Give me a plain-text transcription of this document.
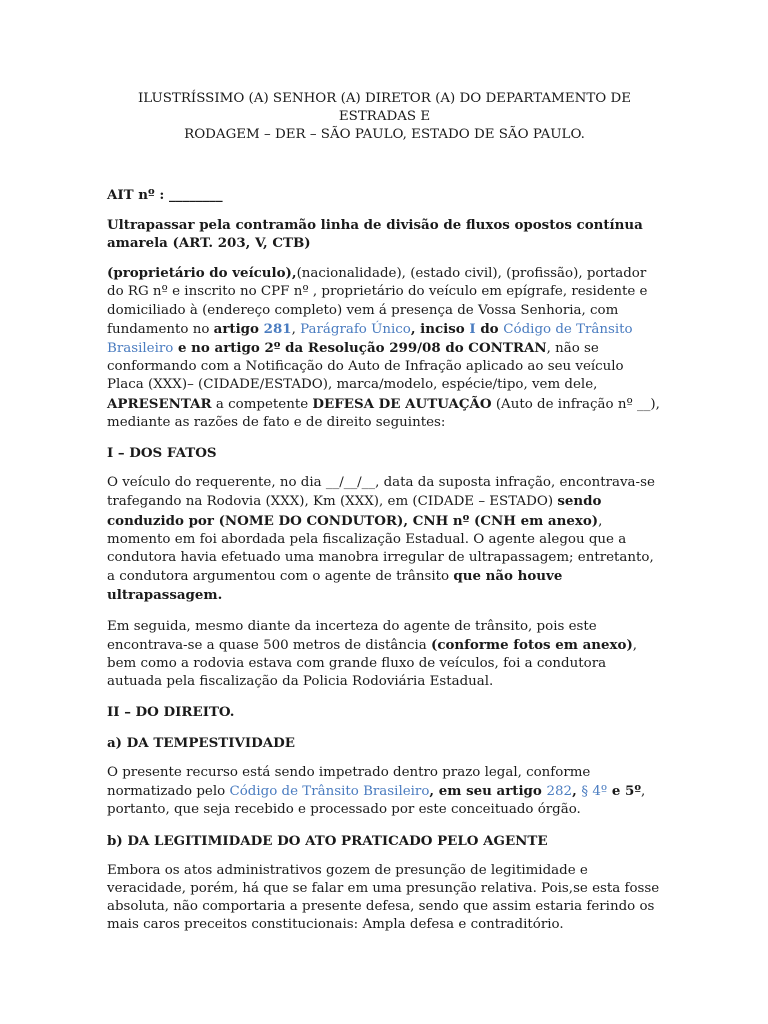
ILUSTRÍSSIMO (A) SENHOR (A) DIRETOR (A) DO DEPARTAMENTO DE ESTRADAS E
RODAGEM – DER – SÃO PAULO, ESTADO DE SÃO PAULO.

AIT nº : ________

Ultrapassar pela contramão linha de divisão de fluxos opostos contínua amarela (ART. 203, V, CTB)

(proprietário do veículo),(nacionalidade), (estado civil), (profissão), portador do RG nº e inscrito no CPF nº , proprietário do veículo em epígrafe, residente e domiciliado à (endereço completo) vem á presença de Vossa Senhoria, com fundamento no artigo 281, Parágrafo Único, inciso I do Código de Trânsito Brasileiro e no artigo 2º da Resolução 299/08 do CONTRAN, não se conformando com a Notificação do Auto de Infração aplicado ao seu veículo Placa (XXX)– (CIDADE/ESTADO), marca/modelo, espécie/tipo, vem dele, APRESENTAR a competente DEFESA DE AUTUAÇÃO (Auto de infração nº __), mediante as razões de fato e de direito seguintes:

I – DOS FATOS

O veículo do requerente, no dia __/__/__, data da suposta infração, encontrava-se trafegando na Rodovia (XXX), Km (XXX), em (CIDADE – ESTADO) sendo conduzido por (NOME DO CONDUTOR), CNH nº (CNH em anexo), momento em foi abordada pela fiscalização Estadual. O agente alegou que a condutora havia efetuado uma manobra irregular de ultrapassagem; entretanto, a condutora argumentou com o agente de trânsito que não houve ultrapassagem.

Em seguida, mesmo diante da incerteza do agente de trânsito, pois este encontrava-se a quase 500 metros de distância (conforme fotos em anexo), bem como a rodovia estava com grande fluxo de veículos, foi a condutora autuada pela fiscalização da Policia Rodoviária Estadual.

II – DO DIREITO.

a) DA TEMPESTIVIDADE

O presente recurso está sendo impetrado dentro prazo legal, conforme normatizado pelo Código de Trânsito Brasileiro, em seu artigo 282, § 4º e 5º, portanto, que seja recebido e processado por este conceituado órgão.

b) DA LEGITIMIDADE DO ATO PRATICADO PELO AGENTE

Embora os atos administrativos gozem de presunção de legitimidade e veracidade, porém, há que se falar em uma presunção relativa. Pois,se esta fosse absoluta, não comportaria a presente defesa, sendo que assim estaria ferindo os mais caros preceitos constitucionais: Ampla defesa e contraditório.
